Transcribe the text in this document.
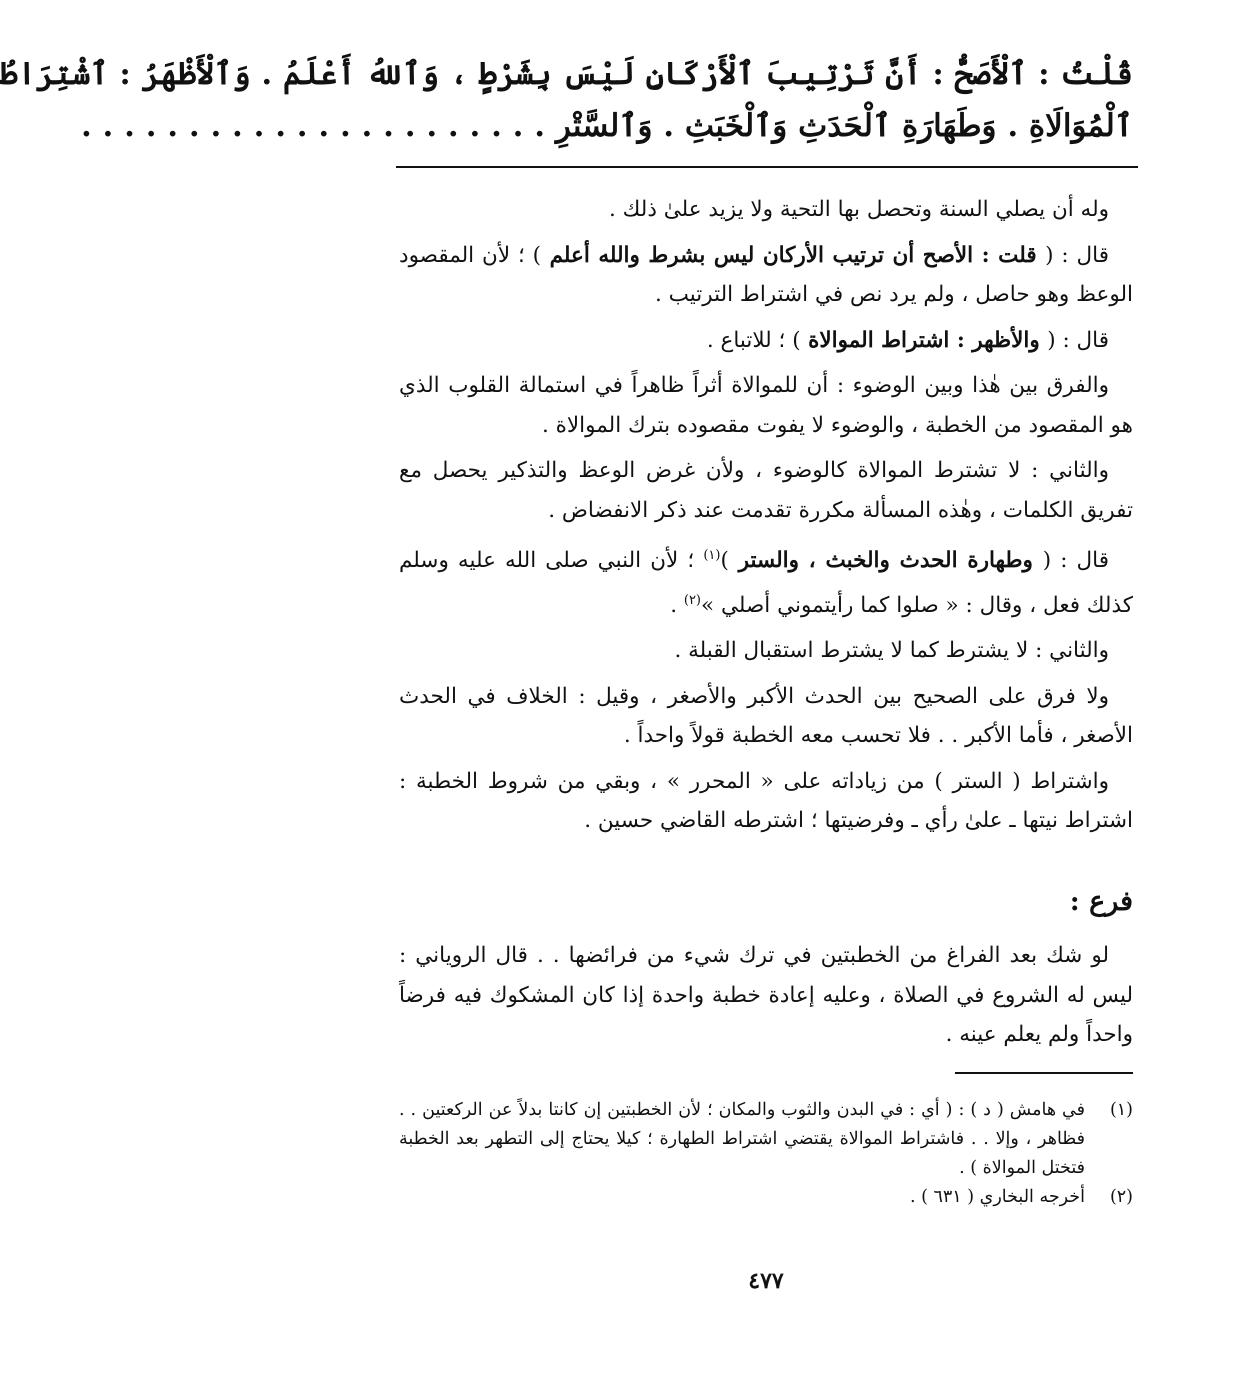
قُلْتُ : ٱلْأَصَحُّ : أَنَّ تَرْتِيبَ ٱلْأَرْكَانِ لَيْسَ بِشَرْطٍ ، وَٱللهُ أَعْلَمُ . وَٱلْأَظْهَرُ : ٱشْتِرَاطُ

ٱلْمُوَالَاةِ . وَطَهَارَةِ ٱلْحَدَثِ وَٱلْخَبَثِ . وَٱلسَّتْرِ . . . . . . . . . . . . . . . . . . . . . .

وله أن يصلي السنة وتحصل بها التحية ولا يزيد علىٰ ذلك .

قال : ( قلت : الأصح أن ترتيب الأركان ليس بشرط والله أعلم ) ؛ لأن المقصود الوعظ وهو حاصل ، ولم يرد نص في اشتراط الترتيب .

قال : ( والأظهر : اشتراط الموالاة ) ؛ للاتباع .

والفرق بين هٰذا وبين الوضوء : أن للموالاة أثراً ظاهراً في استمالة القلوب الذي هو المقصود من الخطبة ، والوضوء لا يفوت مقصوده بترك الموالاة .

والثاني : لا تشترط الموالاة كالوضوء ، ولأن غرض الوعظ والتذكير يحصل مع تفريق الكلمات ، وهٰذه المسألة مكررة تقدمت عند ذكر الانفضاض .

قال : ( وطهارة الحدث والخبث ، والستر )$^{(١)}$ ؛ لأن النبي صلى الله عليه وسلم كذلك فعل ، وقال : « صلوا كما رأيتموني أصلي »$^{(٢)}$ .

والثاني : لا يشترط كما لا يشترط استقبال القبلة .

ولا فرق على الصحيح بين الحدث الأكبر والأصغر ، وقيل : الخلاف في الحدث الأصغر ، فأما الأكبر . . فلا تحسب معه الخطبة قولاً واحداً .

واشتراط ( الستر ) من زياداته على « المحرر » ، وبقي من شروط الخطبة : اشتراط نيتها ـ علىٰ رأي ـ وفرضيتها ؛ اشترطه القاضي حسين .

فرع :

لو شك بعد الفراغ من الخطبتين في ترك شيء من فرائضها . . قال الروياني : ليس له الشروع في الصلاة ، وعليه إعادة خطبة واحدة إذا كان المشكوك فيه فرضاً واحداً ولم يعلم عينه .

(١)
في هامش ( د ) : ( أي : في البدن والثوب والمكان ؛ لأن الخطبتين إن كانتا بدلاً عن الركعتين . . فظاهر ، وإلا . . فاشتراط الموالاة يقتضي اشتراط الطهارة ؛ كيلا يحتاج إلى التطهر بعد الخطبة فتختل الموالاة ) .
(٢)
أخرجه البخاري ( ٦٣١ ) .
٤٧٧
